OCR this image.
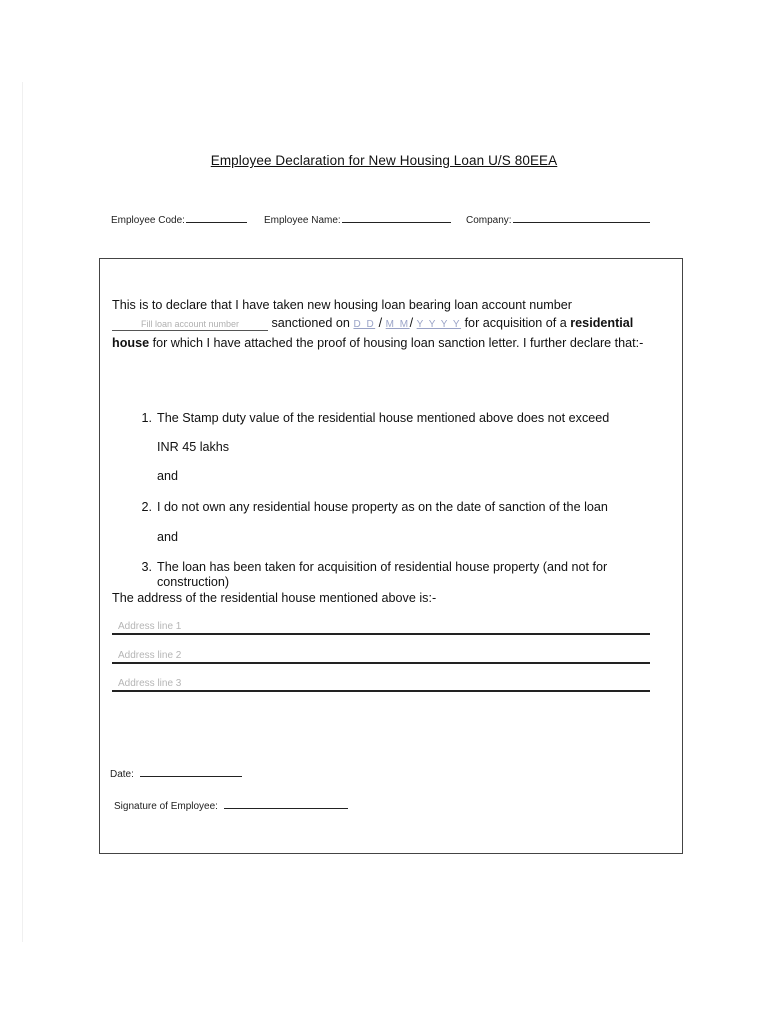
Employee Declaration for New Housing Loan U/S 80EEA
Employee Code:	Employee Name:	Company:
This is to declare that I have taken new housing loan bearing loan account number
Fill loan account number	sanctioned on D D / M M/ Y Y Y Y for acquisition of a residential
house for which I have attached the proof of housing loan sanction letter. I further declare that:-
1. The Stamp duty value of the residential house mentioned above does not exceed
INR 45 lakhs
and
2. I do not own any residential house property as on the date of sanction of the loan
and
3. The loan has been taken for acquisition of residential house property (and not for
construction)
The address of the residential house mentioned above is:-
Address line 1
Address line 2
Address line 3
Date:
Signature of Employee:
